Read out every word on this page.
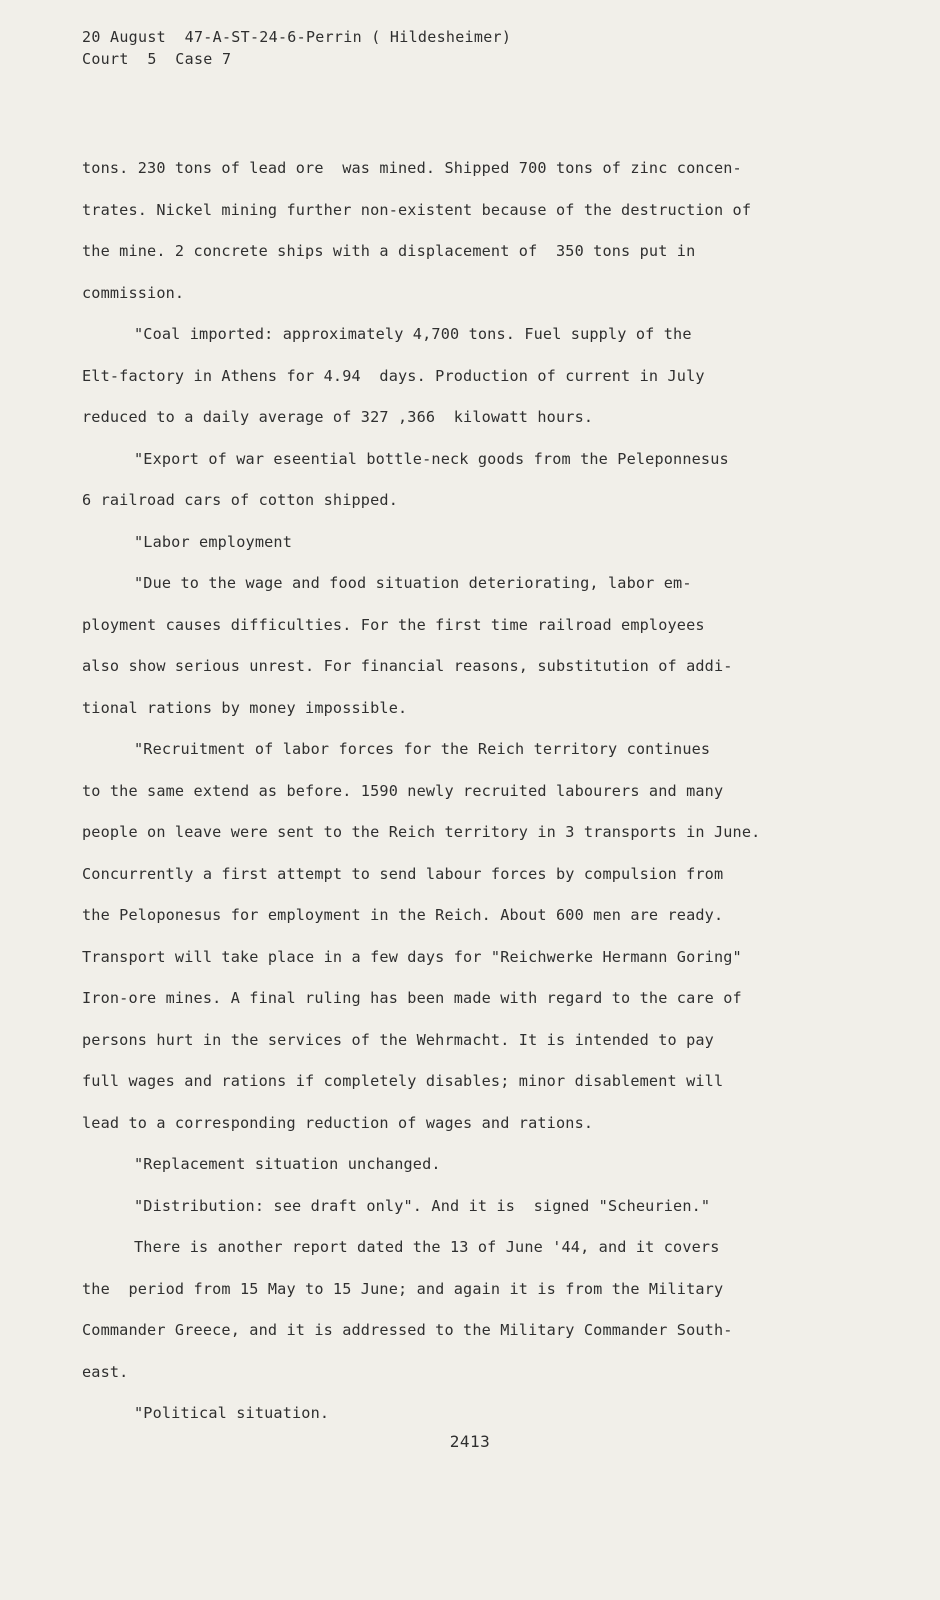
20 August  47-A-ST-24-6-Perrin ( Hildesheimer)
Court  5  Case 7
tons. 230 tons of lead ore  was mined. Shipped 700 tons of zinc concen-
trates. Nickel mining further non-existent because of the destruction of
the mine. 2 concrete ships with a displacement of  350 tons put in
commission.
"Coal imported: approximately 4,700 tons. Fuel supply of the
Elt-factory in Athens for 4.94  days. Production of current in July
reduced to a daily average of 327 ,366  kilowatt hours.
"Export of war eseential bottle-neck goods from the Peleponnesus
6 railroad cars of cotton shipped.
"Labor employment
"Due to the wage and food situation deteriorating, labor em-
ployment causes difficulties. For the first time railroad employees
also show serious unrest. For financial reasons, substitution of addi-
tional rations by money impossible.
"Recruitment of labor forces for the Reich territory continues
to the same extend as before. 1590 newly recruited labourers and many
people on leave were sent to the Reich territory in 3 transports in June.
Concurrently a first attempt to send labour forces by compulsion from
the Peloponesus for employment in the Reich. About 600 men are ready.
Transport will take place in a few days for "Reichwerke Hermann Goring"
Iron-ore mines. A final ruling has been made with regard to the care of
persons hurt in the services of the Wehrmacht. It is intended to pay
full wages and rations if completely disables; minor disablement will
lead to a corresponding reduction of wages and rations.
"Replacement situation unchanged.
"Distribution: see draft only". And it is  signed "Scheurien."
There is another report dated the 13 of June '44, and it covers
the  period from 15 May to 15 June; and again it is from the Military
Commander Greece, and it is addressed to the Military Commander South-
east.
"Political situation.
2413
